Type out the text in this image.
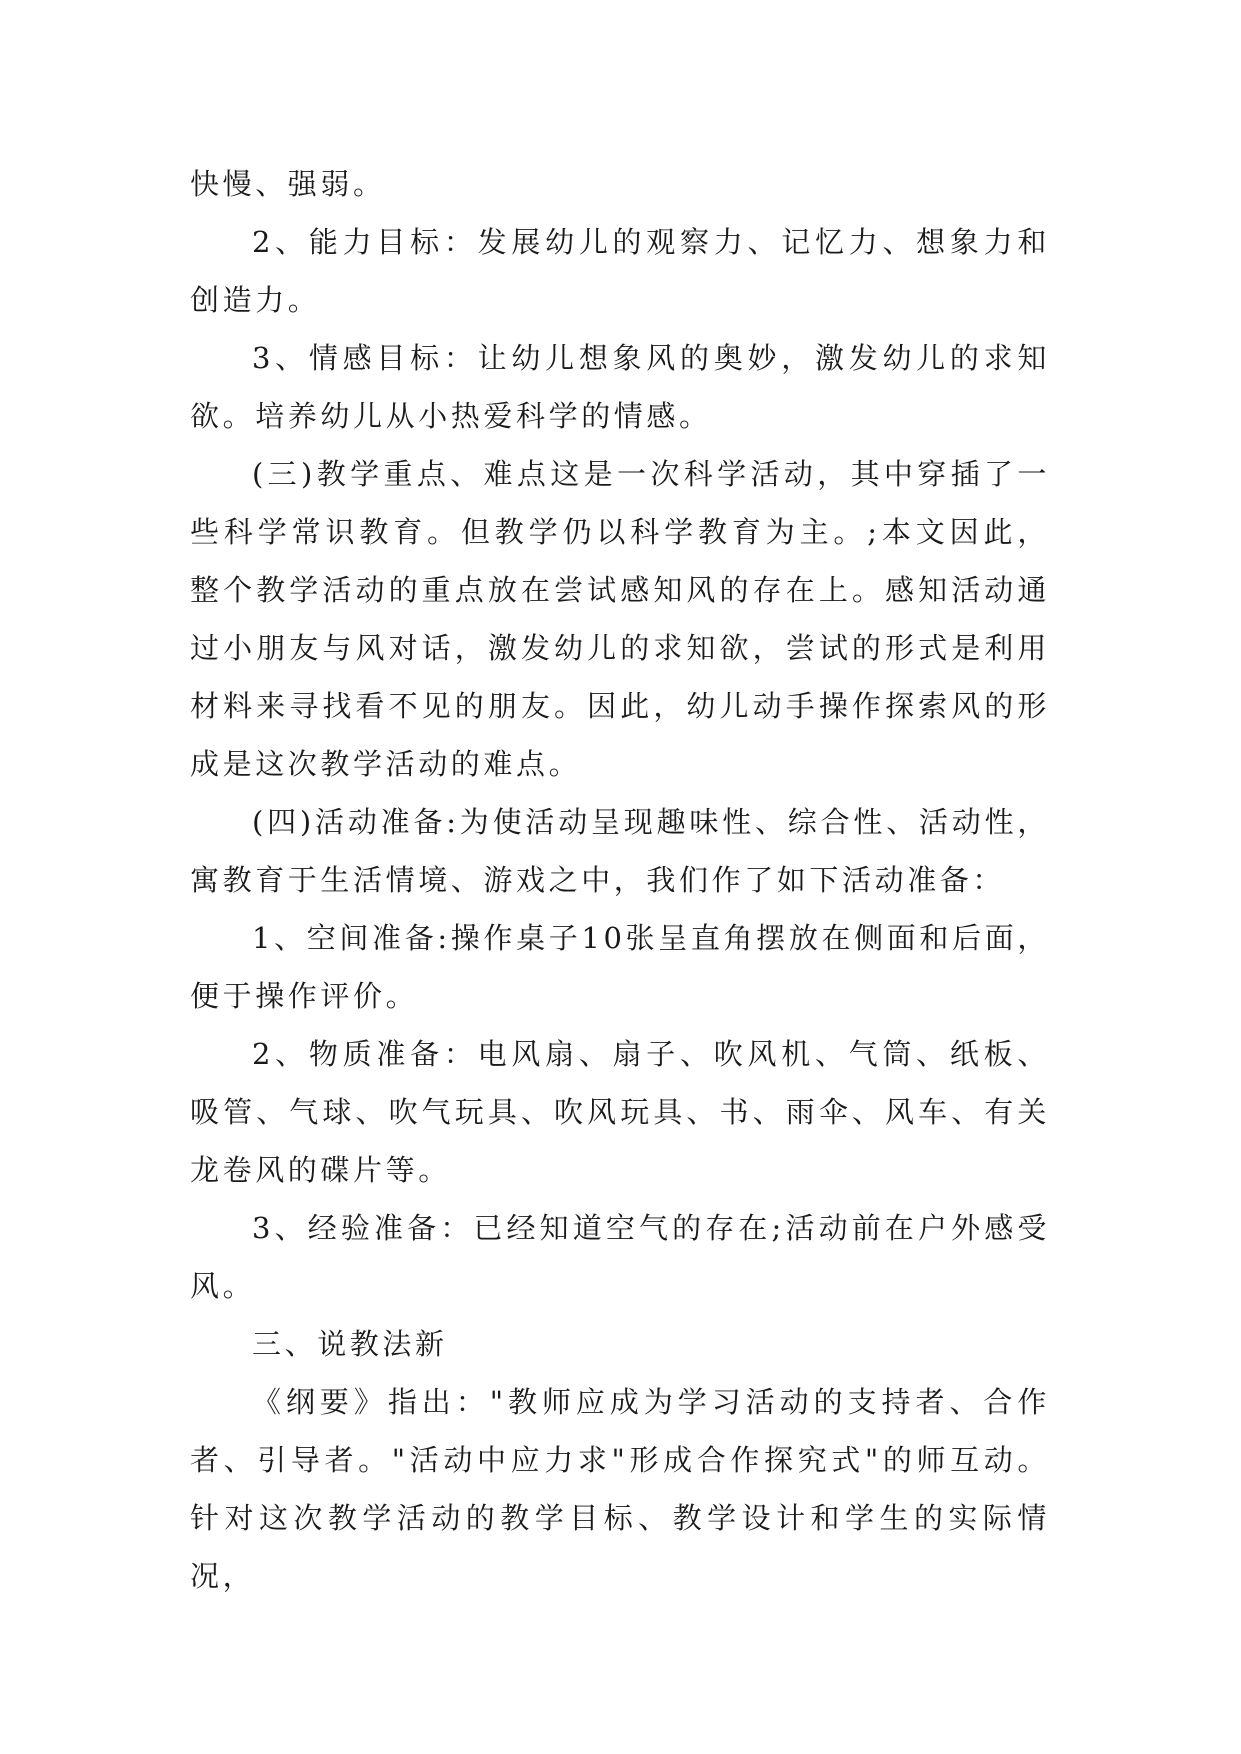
快慢、强弱。

2、能力目标：发展幼儿的观察力、记忆力、想象力和创造力。

3、情感目标：让幼儿想象风的奥妙，激发幼儿的求知欲。培养幼儿从小热爱科学的情感。

(三)教学重点、难点这是一次科学活动，其中穿插了一些科学常识教育。但教学仍以科学教育为主。;本文因此，整个教学活动的重点放在尝试感知风的存在上。感知活动通过小朋友与风对话，激发幼儿的求知欲，尝试的形式是利用材料来寻找看不见的朋友。因此，幼儿动手操作探索风的形成是这次教学活动的难点。

(四)活动准备:为使活动呈现趣味性、综合性、活动性，寓教育于生活情境、游戏之中，我们作了如下活动准备：

1、空间准备:操作桌子10张呈直角摆放在侧面和后面，便于操作评价。

2、物质准备：电风扇、扇子、吹风机、气筒、纸板、吸管、气球、吹气玩具、吹风玩具、书、雨伞、风车、有关龙卷风的碟片等。

3、经验准备：已经知道空气的存在;活动前在户外感受风。

三、说教法新

《纲要》指出："教师应成为学习活动的支持者、合作者、引导者。"活动中应力求"形成合作探究式"的师互动。针对这次教学活动的教学目标、教学设计和学生的实际情况，
